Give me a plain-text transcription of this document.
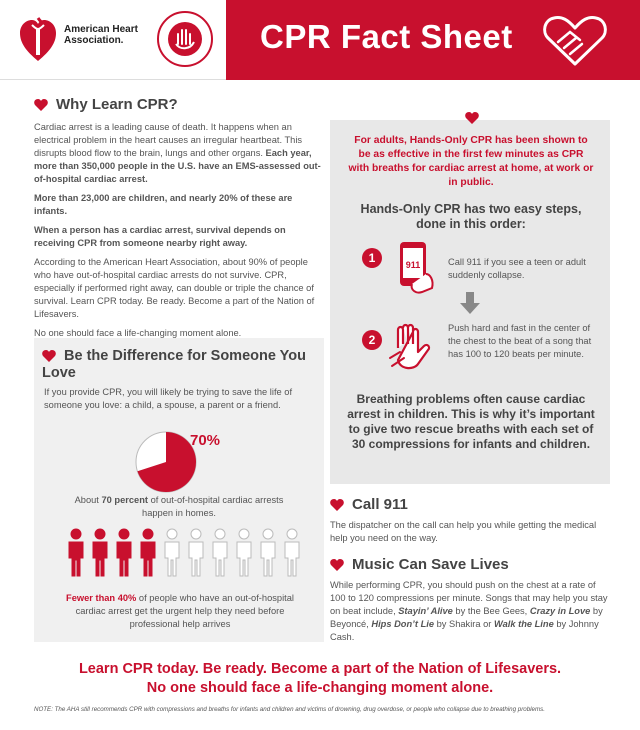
American Heart Association.	CPR Fact Sheet
Why Learn CPR?

Cardiac arrest is a leading cause of death. It happens when an electrical problem in the heart causes an irregular heartbeat. This disrupts blood flow to the brain, lungs and other organs. Each year, more than 350,000 people in the U.S. have an EMS-assessed out-of-hospital cardiac arrest.

More than 23,000 are children, and nearly 20% of these are infants.

When a person has a cardiac arrest, survival depends on receiving CPR from someone nearby right away.

According to the American Heart Association, about 90% of people who have out-of-hospital cardiac arrests do not survive. CPR, especially if performed right away, can double or triple the chance of survival. Learn CPR today. Be ready. Become a part of the Nation of Lifesavers.

No one should face a life-changing moment alone.

Be the Difference for Someone You Love
If you provide CPR, you will likely be trying to save the life of someone you love: a child, a spouse, a parent or a friend.
70%
About 70 percent of out-of-hospital cardiac arrests happen in homes.
Fewer than 40% of people who have an out-of-hospital cardiac arrest get the urgent help they need before professional help arrives
For adults, Hands-Only CPR has been shown to be as effective in the first few minutes as CPR with breaths for cardiac arrest at home, at work or in public.
Hands-Only CPR has two easy steps, done in this order:
1	911	Call 911 if you see a teen or adult suddenly collapse.
2
Push hard and fast in the center of the chest to the beat of a song that has 100 to 120 beats per minute.
Breathing problems often cause cardiac arrest in children. This is why it’s important to give two rescue breaths with each set of 30 compressions for infants and children.
Call 911

The dispatcher on the call can help you while getting the medical help you need on the way.

Music Can Save Lives

While performing CPR, you should push on the chest at a rate of 100 to 120 compressions per minute. Songs that may help you stay on beat include, Stayin’ Alive by the Bee Gees, Crazy in Love by Beyoncé, Hips Don’t Lie by Shakira or Walk the Line by Johnny Cash.

Learn CPR today. Be ready. Become a part of the Nation of Lifesavers.
No one should face a life-changing moment alone.
NOTE: The AHA still recommends CPR with compressions and breaths for infants and children and victims of drowning, drug overdose, or people who collapse due to breathing problems.
